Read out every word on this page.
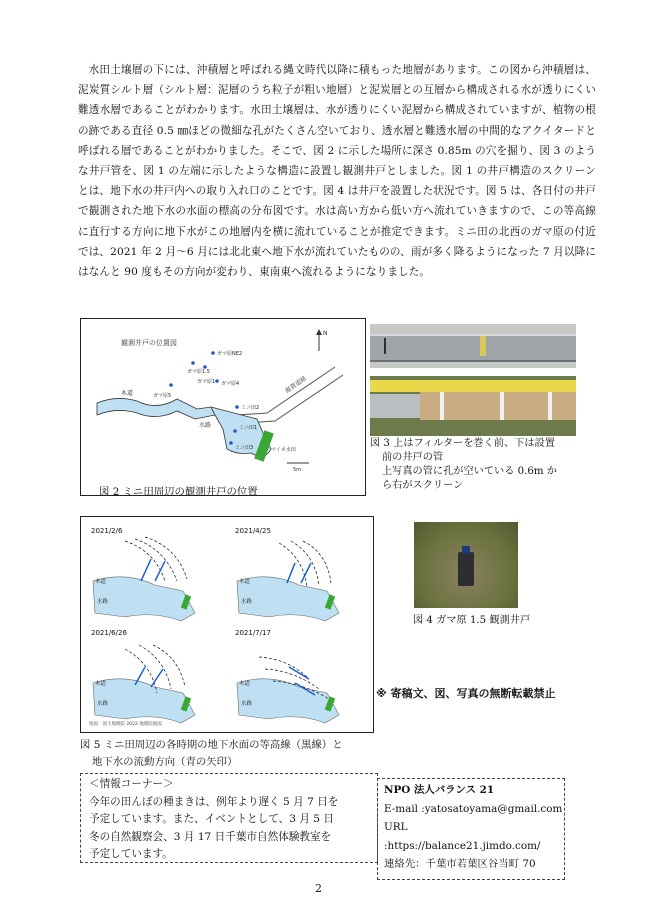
水田土壌層の下には、沖積層と呼ばれる縄文時代以降に積もった地層があります。この図から沖積層は、泥炭質シルト層（シルト層：泥層のうち粒子が粗い地層）と泥炭層との互層から構成される水が透りにくい難透水層であることがわかります。水田土壌層は、水が透りにくい泥層から構成されていますが、植物の根の跡である直径 0.5 ㎜ほどの微細な孔がたくさん空いており、透水層と難透水層の中間的なアクイタードと呼ばれる層であることがわかりました。そこで、図 2 に示した場所に深さ 0.85m の穴を掘り、図 3 のような井戸管を、図 1 の左端に示したような構造に設置し観測井戸としました。図 1 の井戸構造のスクリーンとは、地下水の井戸内への取り入れ口のことです。図 4 は井戸を設置した状況です。図 5 は、各日付の井戸で観測された地下水の水面の標高の分布図です。水は高い方から低い方へ流れていきますので、この等高線に直行する方向に地下水がこの地層内を横に流れていることが推定できます。ミニ田の北西のガマ原の付近では、2021 年 2 月～6 月には北北東へ地下水が流れていたものの、雨が多く降るようになった 7 月以降にはなんと 90 度もその方向が変わり、東南東へ流れるようになりました。

観測井戸の位置図
N
縦貫道路
ガマ原NE2
ガマ原1.5
ガマ原1 ガマ原4
ガマ原5
ミニ田2
ミニ田1
ミニ田3	マイネ水田
木道
水路
5m
図 2 ミニ田周辺の観測井戸の位置
図 3 上はフィルターを巻く前、下は設置
前の井戸の管
上写真の管に孔が空いている 0.6m か
ら右がスクリーン
2021/2/6
木道
水路
2021/4/25
木道
水路
2021/6/26
木道
水路
2021/7/17
木道
水路
地図：国土地理院 2022 地理院地図
図 5 ミニ田周辺の各時期の地下水面の等高線（黒線）と
地下水の流動方向（青の矢印）
図 4 ガマ原 1.5 観測井戸
※ 寄稿文、図、写真の無断転載禁止
＜情報コーナー＞
今年の田んぼの種まきは、例年より遅く 5 月 7 日を
予定しています。また、イベントとして、3 月 5 日
冬の自然観察会、3 月 17 日千葉市自然体験教室を
予定しています。
NPO 法人バランス 21
E-mail :yatosatoyama@gmail.com
URL :https://balance21.jimdo.com/
連絡先：千葉市若葉区谷当町 70
2
